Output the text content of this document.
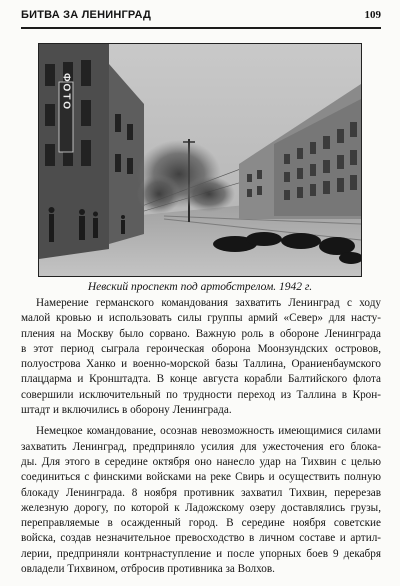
БИТВА ЗА ЛЕНИНГРАД	109
ФОТО
Невский проспект под артобстрелом. 1942 г.
Намерение германского командования захватить Ленинград с ходу
малой кровью и использовать силы группы армий «Север» для насту-
пления на Москву было сорвано. Важную роль в обороне Ленинграда
в этот период сыграла героическая оборона Моонзундских островов,
полуострова Ханко и военно-морской базы Таллина, Ораниенбаумского
плацдарма и Кронштадта. В конце августа корабли Балтийского флота
совершили исключительный по трудности переход из Таллина в Крон-
штадт и включились в оборону Ленинграда.
Немецкое командование, осознав невозможность имеющимися силами
захватить Ленинград, предприняло усилия для ужесточения его блока-
ды. Для этого в середине октября оно нанесло удар на Тихвин с целью
соединиться с финскими войсками на реке Свирь и осуществить полную
блокаду Ленинграда. 8 ноября противник захватил Тихвин, перерезав
железную дорогу, по которой к Ладожскому озеру доставлялись грузы,
переправляемые в осажденный город. В середине ноября советские
войска, создав незначительное превосходство в личном составе и артил-
лерии, предприняли контрнаступление и после упорных боев 9 декабря
овладели Тихвином, отбросив противника за Волхов.
